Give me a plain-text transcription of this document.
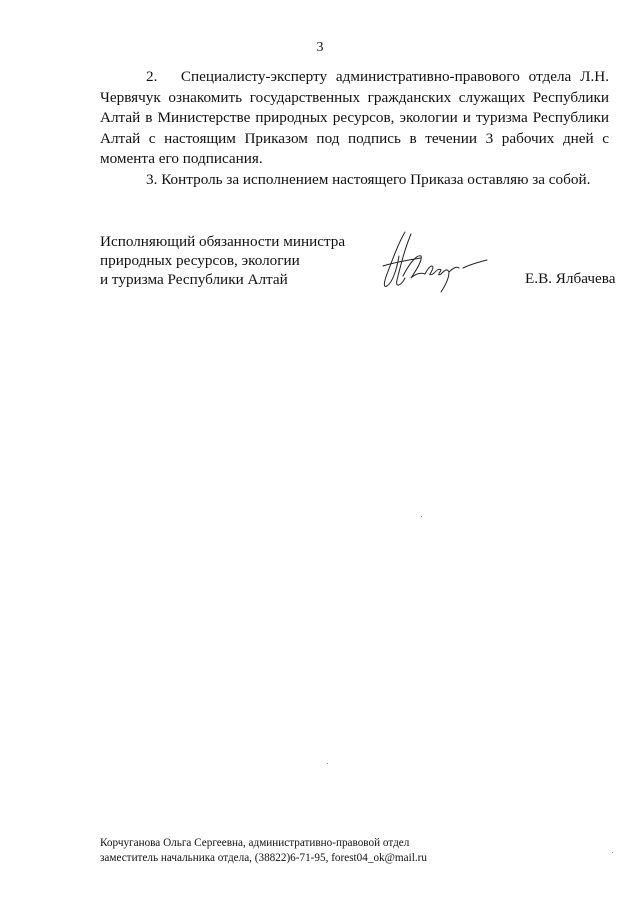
3

2. Специалисту-эксперту административно-правового отдела Л.Н. Червячук ознакомить государственных гражданских служащих Республики Алтай в Министерстве природных ресурсов, экологии и туризма Республики Алтай с настоящим Приказом под подпись в течении 3 рабочих дней с момента его подписания.

3. Контроль за исполнением настоящего Приказа оставляю за собой.

Исполняющий обязанности министра
природных ресурсов, экологии
и туризма Республики Алтай	Е.В. Ялбачева
Корчуганова Ольга Сергеевна, административно-правовой отдел
заместитель начальника отдела, (38822)6-71-95, forest04_ok@mail.ru
